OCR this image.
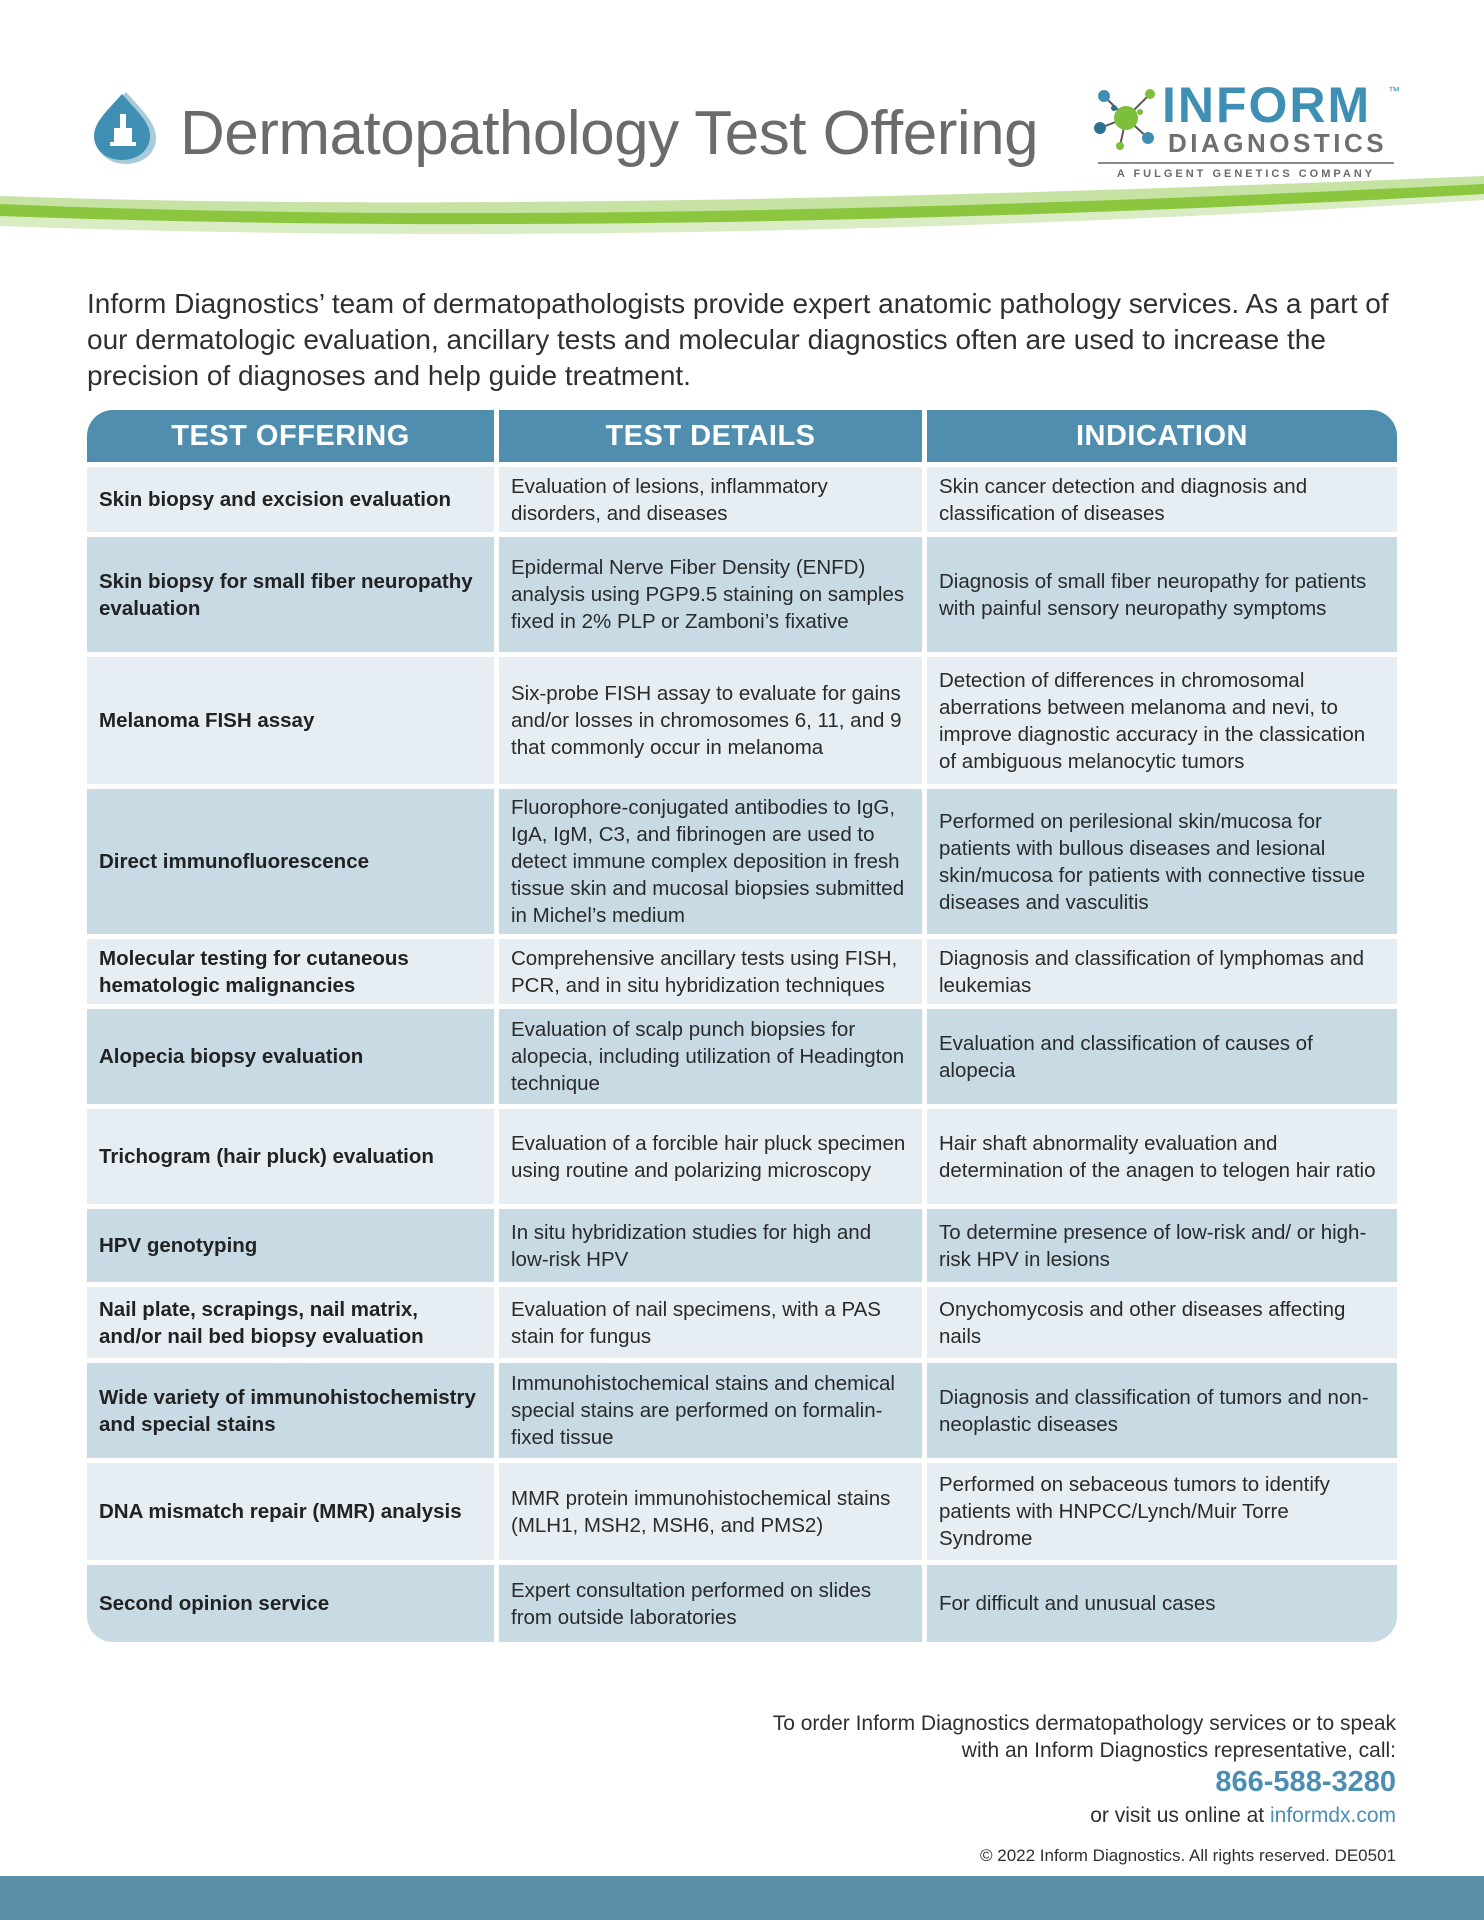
Dermatopathology Test Offering INFORM ™
DIAGNOSTICS
A FULGENT GENETICS COMPANY

Inform Diagnostics’ team of dermatopathologists provide expert anatomic pathology services. As a part of our dermatologic evaluation, ancillary tests and molecular diagnostics often are used to increase the precision of diagnoses and help guide treatment.

TEST OFFERING	TEST DETAILS	INDICATION
Skin biopsy and excision evaluation	Evaluation of lesions, inflammatory disorders, and diseases	Skin cancer detection and diagnosis and classification of diseases
Skin biopsy for small fiber neuropathy evaluation	Epidermal Nerve Fiber Density (ENFD) analysis using PGP9.5 staining on samples fixed in 2% PLP or Zamboni’s fixative	Diagnosis of small fiber neuropathy for patients with painful sensory neuropathy symptoms
Melanoma FISH assay	Six-probe FISH assay to evaluate for gains and/or losses in chromosomes 6, 11, and 9 that commonly occur in melanoma	Detection of differences in chromosomal aberrations between melanoma and nevi, to improve diagnostic accuracy in the classication of ambiguous melanocytic tumors
Direct immunofluorescence	Fluorophore-conjugated antibodies to IgG, IgA, IgM, C3, and fibrinogen are used to detect immune complex deposition in fresh tissue skin and mucosal biopsies submitted in Michel’s medium	Performed on perilesional skin/mucosa for patients with bullous diseases and lesional skin/mucosa for patients with connective tissue diseases and vasculitis
Molecular testing for cutaneous hematologic malignancies	Comprehensive ancillary tests using FISH, PCR, and in situ hybridization techniques	Diagnosis and classification of lymphomas and leukemias
Alopecia biopsy evaluation	Evaluation of scalp punch biopsies for alopecia, including utilization of Headington technique	Evaluation and classification of causes of alopecia
Trichogram (hair pluck) evaluation	Evaluation of a forcible hair pluck specimen using routine and polarizing microscopy	Hair shaft abnormality evaluation and determination of the anagen to telogen hair ratio
HPV genotyping	In situ hybridization studies for high and low-risk HPV	To determine presence of low-risk and/ or high-risk HPV in lesions
Nail plate, scrapings, nail matrix, and/or nail bed biopsy evaluation	Evaluation of nail specimens, with a PAS stain for fungus	Onychomycosis and other diseases affecting nails
Wide variety of immunohistochemistry and special stains	Immunohistochemical stains and chemical special stains are performed on formalin-fixed tissue	Diagnosis and classification of tumors and non-neoplastic diseases
DNA mismatch repair (MMR) analysis	MMR protein immunohistochemical stains (MLH1, MSH2, MSH6, and PMS2)	Performed on sebaceous tumors to identify patients with HNPCC/Lynch/Muir Torre Syndrome
Second opinion service	Expert consultation performed on slides from outside laboratories	For difficult and unusual cases
To order Inform Diagnostics dermatopathology services or to speak
with an Inform Diagnostics representative, call:
866-588-3280
or visit us online at informdx.com
© 2022 Inform Diagnostics. All rights reserved. DE0501
